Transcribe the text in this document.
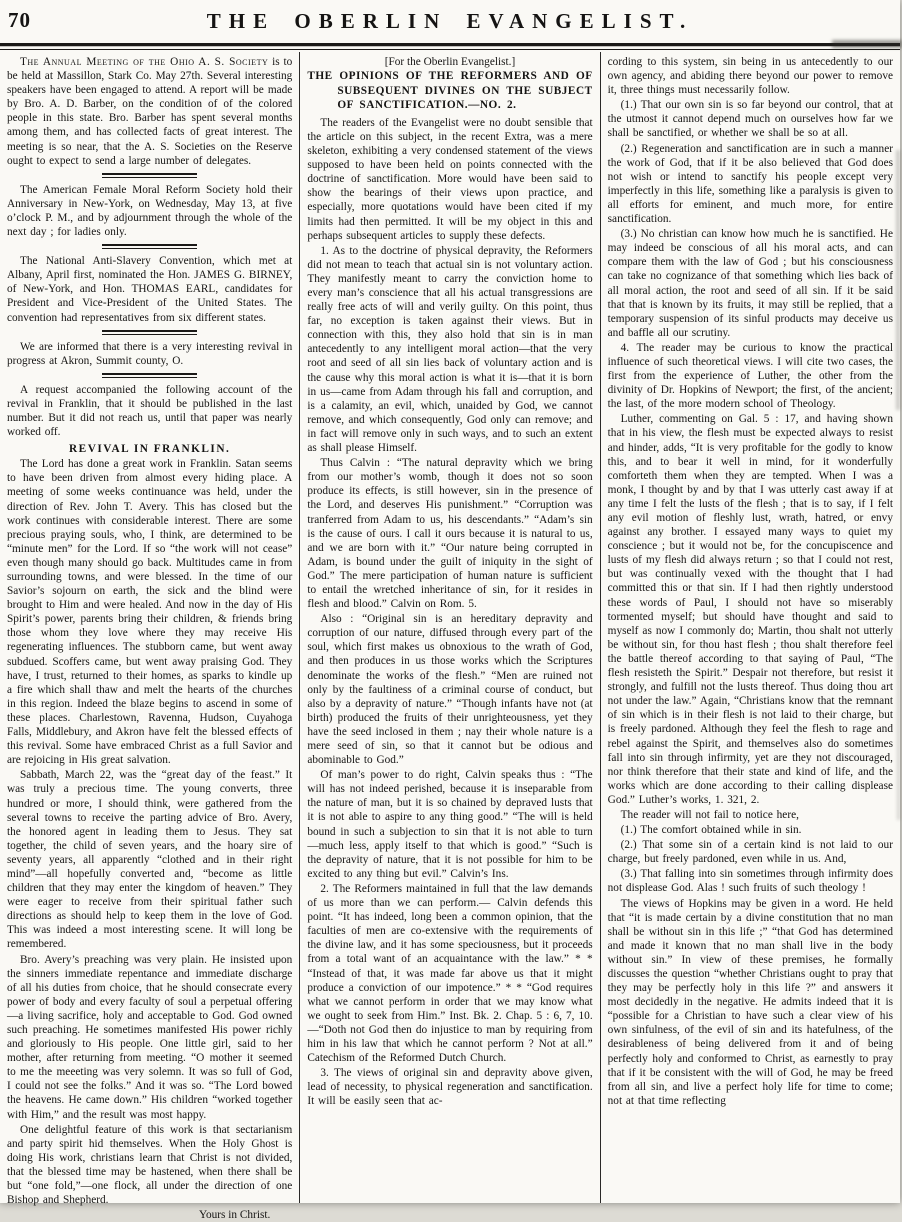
70	THE OBERLIN EVANGELIST.
The Annual Meeting of the Ohio A. S. Society is to be held at Massillon, Stark Co. May 27th. Several interesting speakers have been engaged to attend. A report will be made by Bro. A. D. Barber, on the condition of of the colored people in this state. Bro. Barber has spent several months among them, and has collected facts of great interest. The meeting is so near, that the A. S. Societies on the Reserve ought to expect to send a large number of delegates.
The American Female Moral Reform Society hold their Anniversary in New-York, on Wednesday, May 13, at five o’clock P. M., and by adjournment through the whole of the next day ; for ladies only.
The National Anti-Slavery Convention, which met at Albany, April first, nominated the Hon. JAMES G. BIRNEY, of New-York, and Hon. THOMAS EARL, candidates for President and Vice-President of the United States. The convention had representatives from six different states.
We are informed that there is a very interesting revival in progress at Akron, Summit county, O.
A request accompanied the following account of the revival in Franklin, that it should be published in the last number. But it did not reach us, until that paper was nearly worked off.
REVIVAL IN FRANKLIN.
The Lord has done a great work in Franklin. Satan seems to have been driven from almost every hiding place. A meeting of some weeks continuance was held, under the direction of Rev. John T. Avery. This has closed but the work continues with considerable interest. There are some precious praying souls, who, I think, are determined to be “minute men” for the Lord. If so “the work will not cease” even though many should go back. Multitudes came in from surrounding towns, and were blessed. In the time of our Savior’s sojourn on earth, the sick and the blind were brought to Him and were healed. And now in the day of His Spirit’s power, parents bring their children, & friends bring those whom they love where they may receive His regenerating influences. The stubborn came, but went away subdued. Scoffers came, but went away praising God. They have, I trust, returned to their homes, as sparks to kindle up a fire which shall thaw and melt the hearts of the churches in this region. Indeed the blaze begins to ascend in some of these places. Charlestown, Ravenna, Hudson, Cuyahoga Falls, Middlebury, and Akron have felt the blessed effects of this revival. Some have embraced Christ as a full Savior and are rejoicing in His great salvation.
Sabbath, March 22, was the “great day of the feast.” It was truly a precious time. The young converts, three hundred or more, I should think, were gathered from the several towns to receive the parting advice of Bro. Avery, the honored agent in leading them to Jesus. They sat together, the child of seven years, and the hoary sire of seventy years, all apparently “clothed and in their right mind”—all hopefully converted and, “become as little children that they may enter the kingdom of heaven.” They were eager to receive from their spiritual father such directions as should help to keep them in the love of God. This was indeed a most interesting scene. It will long be remembered.
Bro. Avery’s preaching was very plain. He insisted upon the sinners immediate repentance and immediate discharge of all his duties from choice, that he should consecrate every power of body and every faculty of soul a perpetual offering—a living sacrifice, holy and acceptable to God. God owned such preaching. He sometimes manifested His power richly and gloriously to His people. One little girl, said to her mother, after returning from meeting. “O mother it seemed to me the meeeting was very solemn. It was so full of God, I could not see the folks.” And it was so. “The Lord bowed the heavens. He came down.” His children “worked together with Him,” and the result was most happy.
One delightful feature of this work is that sectarianism and party spirit hid themselves. When the Holy Ghost is doing His work, christians learn that Christ is not divided, that the blessed time may be hastened, when there shall be but “one fold,”—one flock, all under the direction of one Bishop and Shepherd.
Yours in Christ.
[For the Oberlin Evangelist.]
THE OPINIONS OF THE REFORMERS AND OF SUBSEQUENT DIVINES ON THE SUBJECT OF SANCTIFICATION.—NO. 2.
The readers of the Evangelist were no doubt sensible that the article on this subject, in the recent Extra, was a mere skeleton, exhibiting a very condensed statement of the views supposed to have been held on points connected with the doctrine of sanctification. More would have been said to show the bearings of their views upon practice, and especially, more quotations would have been cited if my limits had then permitted. It will be my object in this and perhaps subsequent articles to supply these defects.
1. As to the doctrine of physical depravity, the Reformers did not mean to teach that actual sin is not voluntary action. They manifestly meant to carry the conviction home to every man’s conscience that all his actual transgressions are really free acts of will and verily guilty. On this point, thus far, no exception is taken against their views. But in connection with this, they also hold that sin is in man antecedently to any intelligent moral action—that the very root and seed of all sin lies back of voluntary action and is the cause why this moral action is what it is—that it is born in us—came from Adam through his fall and corruption, and is a calamity, an evil, which, unaided by God, we cannot remove, and which consequently, God only can remove; and in fact will remove only in such ways, and to such an extent as shall please Himself.
Thus Calvin : “The natural depravity which we bring from our mother’s womb, though it does not so soon produce its effects, is still however, sin in the presence of the Lord, and deserves His punishment.” “Corruption was tranferred from Adam to us, his descendants.” “Adam’s sin is the cause of ours. I call it ours because it is natural to us, and we are born with it.” “Our nature being corrupted in Adam, is bound under the guilt of iniquity in the sight of God.” The mere participation of human nature is sufficient to entail the wretched inheritance of sin, for it resides in flesh and blood.” Calvin on Rom. 5.
Also : “Original sin is an hereditary depravity and corruption of our nature, diffused through every part of the soul, which first makes us obnoxious to the wrath of God, and then produces in us those works which the Scriptures denominate the works of the flesh.” “Men are ruined not only by the faultiness of a criminal course of conduct, but also by a depravity of nature.” “Though infants have not (at birth) produced the fruits of their unrighteousness, yet they have the seed inclosed in them ; nay their whole nature is a mere seed of sin, so that it cannot but be odious and abominable to God.”
Of man’s power to do right, Calvin speaks thus : “The will has not indeed perished, because it is inseparable from the nature of man, but it is so chained by depraved lusts that it is not able to aspire to any thing good.” “The will is held bound in such a subjection to sin that it is not able to turn —much less, apply itself to that which is good.” “Such is the depravity of nature, that it is not possible for him to be excited to any thing but evil.” Calvin’s Ins.
2. The Reformers maintained in full that the law demands of us more than we can perform.— Calvin defends this point. “It has indeed, long been a common opinion, that the faculties of men are co-extensive with the requirements of the divine law, and it has some speciousness, but it proceeds from a total want of an acquaintance with the law.” * * “Instead of that, it was made far above us that it might produce a conviction of our impotence.” * * “God requires what we cannot perform in order that we may know what we ought to seek from Him.” Inst. Bk. 2. Chap. 5 : 6, 7, 10.—“Doth not God then do injustice to man by requiring from him in his law that which he cannot perform ? Not at all.” Catechism of the Reformed Dutch Church.
3. The views of original sin and depravity above given, lead of necessity, to physical regeneration and sanctification. It will be easily seen that ac-
cording to this system, sin being in us antecedently to our own agency, and abiding there beyond our power to remove it, three things must necessarily follow.
(1.) That our own sin is so far beyond our control, that at the utmost it cannot depend much on ourselves how far we shall be sanctified, or whether we shall be so at all.
(2.) Regeneration and sanctification are in such a manner the work of God, that if it be also believed that God does not wish or intend to sanctify his people except very imperfectly in this life, something like a paralysis is given to all efforts for eminent, and much more, for entire sanctification.
(3.) No christian can know how much he is sanctified. He may indeed be conscious of all his moral acts, and can compare them with the law of God ; but his consciousness can take no cognizance of that something which lies back of all moral action, the root and seed of all sin. If it be said that that is known by its fruits, it may still be replied, that a temporary suspension of its sinful products may deceive us and baffle all our scrutiny.
4. The reader may be curious to know the practical influence of such theoretical views. I will cite two cases, the first from the experience of Luther, the other from the divinity of Dr. Hopkins of Newport; the first, of the ancient; the last, of the more modern school of Theology.
Luther, commenting on Gal. 5 : 17, and having shown that in his view, the flesh must be expected always to resist and hinder, adds, “It is very profitable for the godly to know this, and to bear it well in mind, for it wonderfully comforteth them when they are tempted. When I was a monk, I thought by and by that I was utterly cast away if at any time I felt the lusts of the flesh ; that is to say, if I felt any evil motion of fleshly lust, wrath, hatred, or envy against any brother. I essayed many ways to quiet my conscience ; but it would not be, for the concupiscence and lusts of my flesh did always return ; so that I could not rest, but was continually vexed with the thought that I had committed this or that sin. If I had then rightly understood these words of Paul, I should not have so miserably tormented myself; but should have thought and said to myself as now I commonly do; Martin, thou shalt not utterly be without sin, for thou hast flesh ; thou shalt therefore feel the battle thereof according to that saying of Paul, “The flesh resisteth the Spirit.” Despair not therefore, but resist it strongly, and fulfill not the lusts thereof. Thus doing thou art not under the law.” Again, “Christians know that the remnant of sin which is in their flesh is not laid to their charge, but is freely pardoned. Although they feel the flesh to rage and rebel against the Spirit, and themselves also do sometimes fall into sin through infirmity, yet are they not discouraged, nor think therefore that their state and kind of life, and the works which are done according to their calling displease God.” Luther’s works, 1. 321, 2.
The reader will not fail to notice here,
(1.) The comfort obtained while in sin.
(2.) That some sin of a certain kind is not laid to our charge, but freely pardoned, even while in us. And,
(3.) That falling into sin sometimes through infirmity does not displease God. Alas ! such fruits of such theology !
The views of Hopkins may be given in a word. He held that “it is made certain by a divine constitution that no man shall be without sin in this life ;” “that God has determined and made it known that no man shall live in the body without sin.” In view of these premises, he formally discusses the question “whether Christians ought to pray that they may be perfectly holy in this life ?” and answers it most decidedly in the negative. He admits indeed that it is “possible for a Christian to have such a clear view of his own sinfulness, of the evil of sin and its hatefulness, of the desirableness of being delivered from it and of being perfectly holy and conformed to Christ, as earnestly to pray that if it be consistent with the will of God, he may be freed from all sin, and live a perfect holy life for time to come; not at that time reflecting
